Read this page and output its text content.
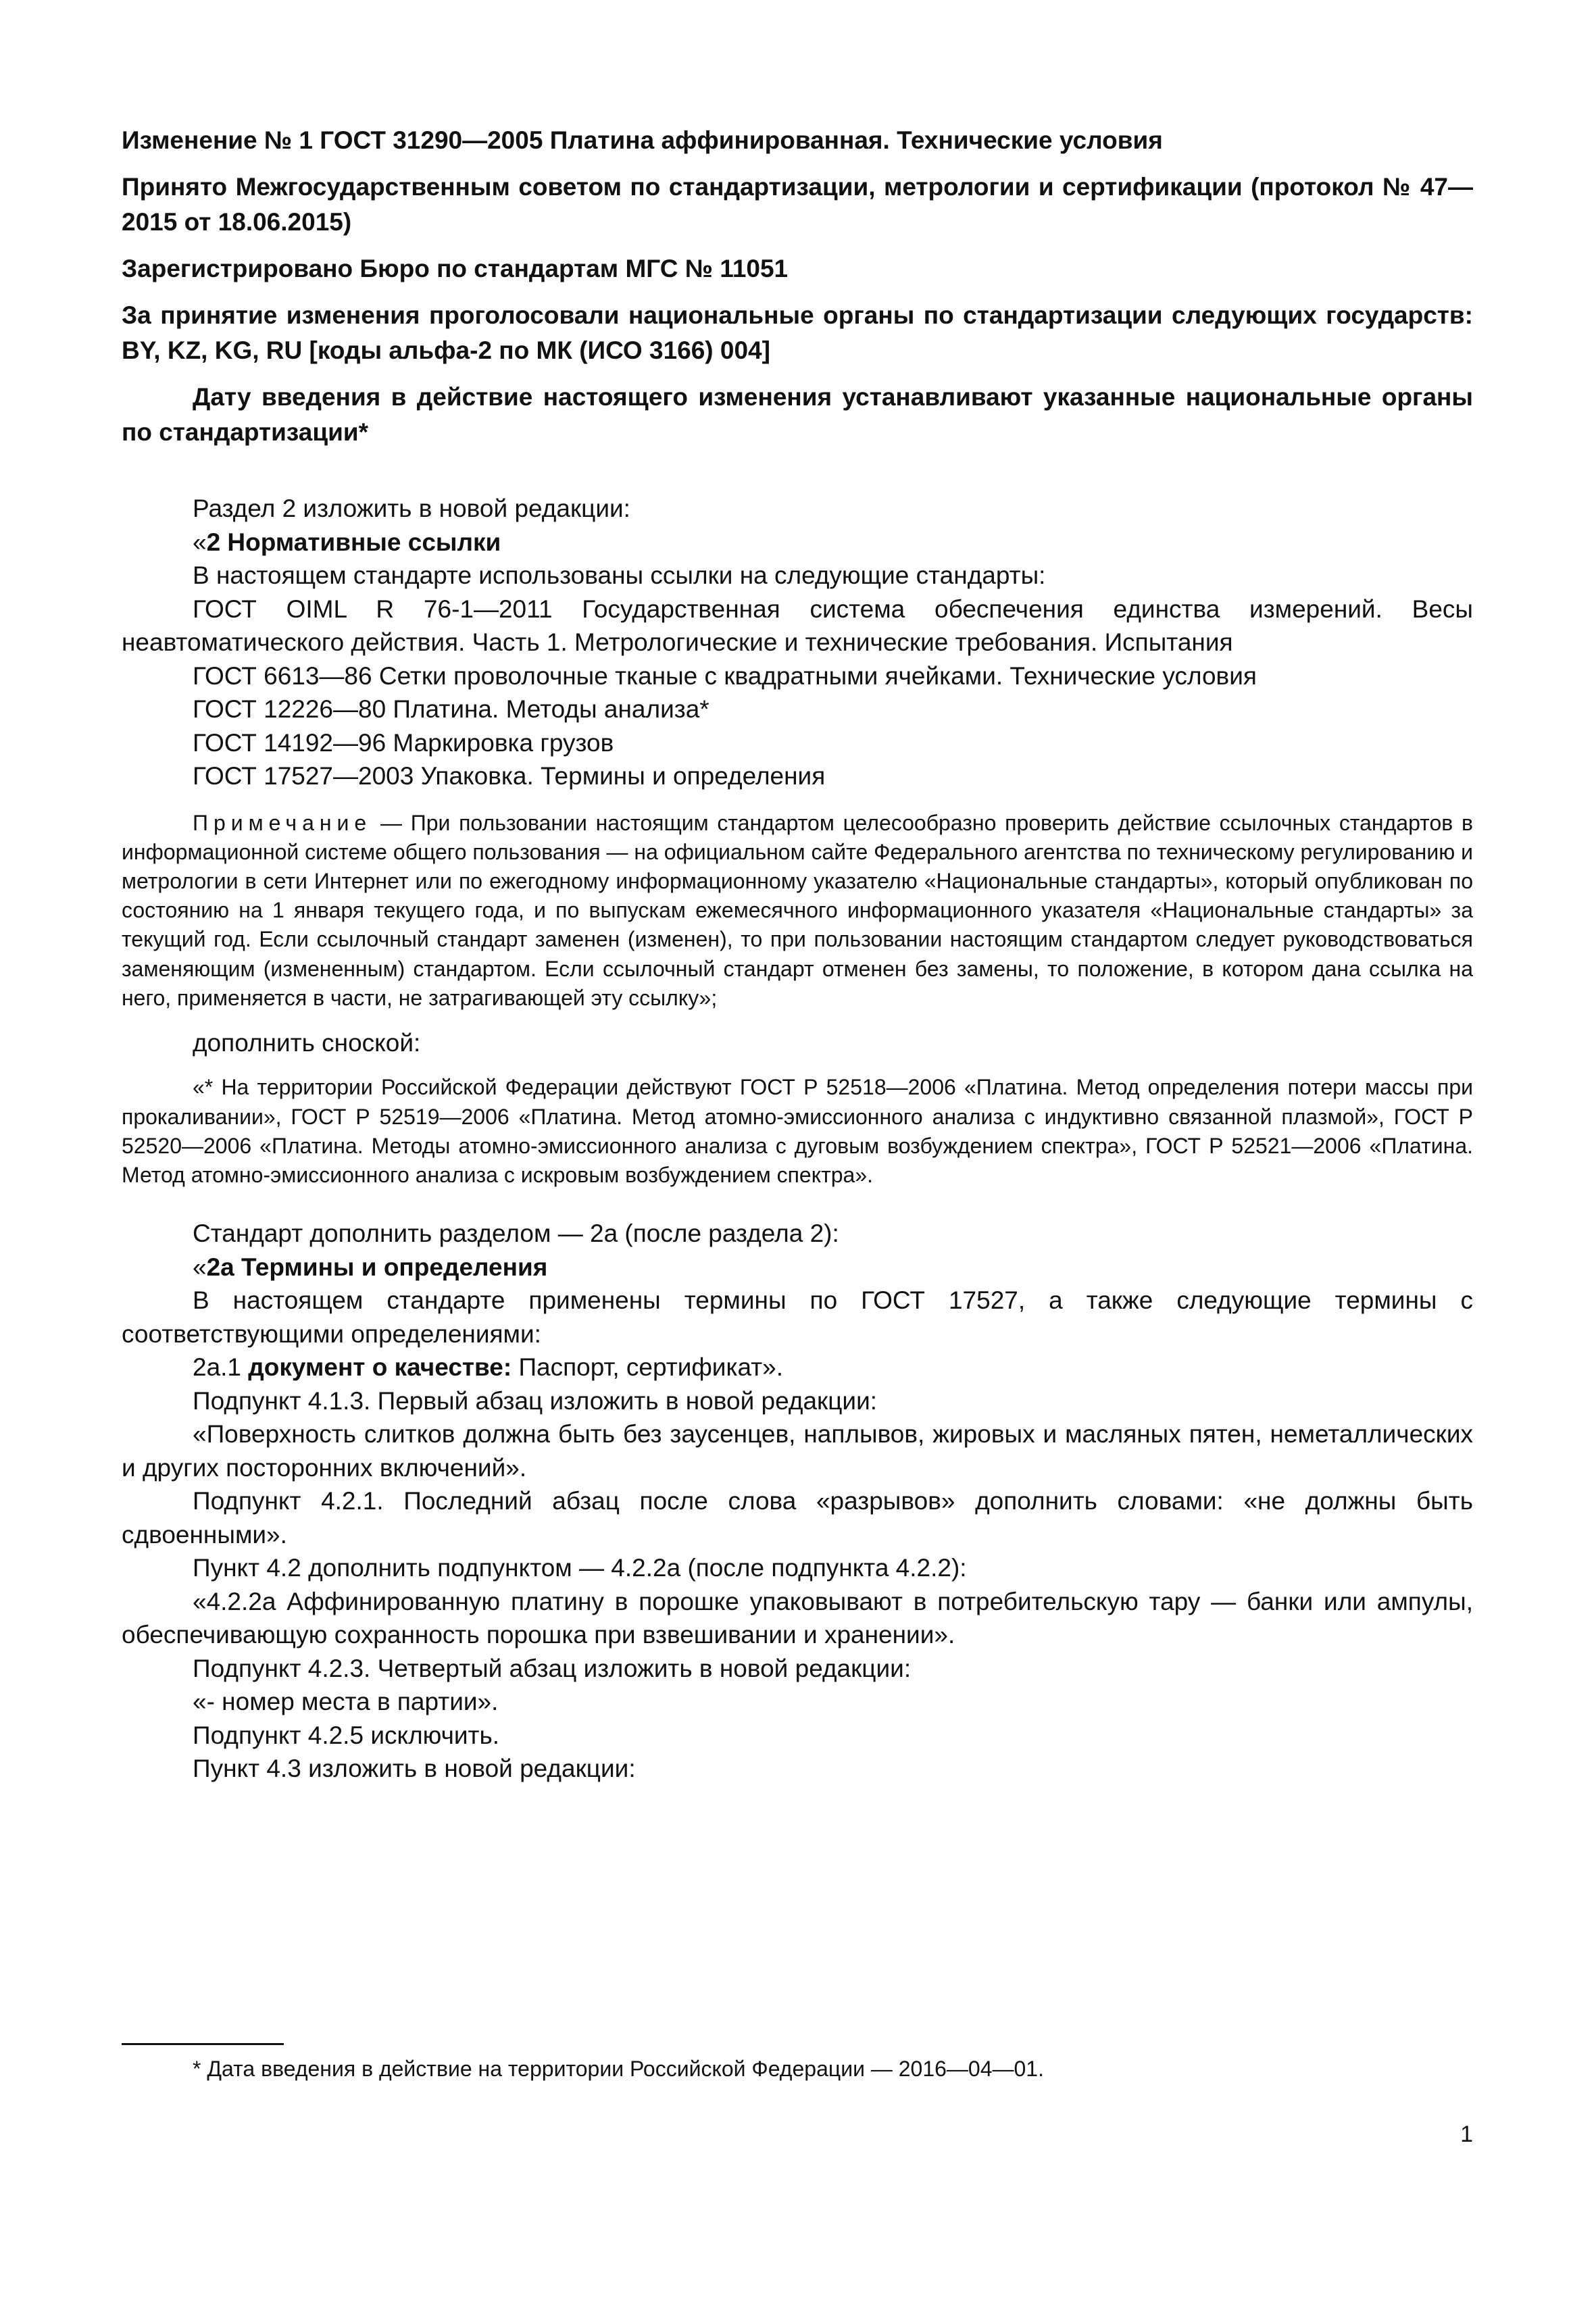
Изменение № 1 ГОСТ 31290—2005 Платина аффинированная. Технические условия

Принято Межгосударственным советом по стандартизации, метрологии и сертификации (протокол № 47—2015 от 18.06.2015)

Зарегистрировано Бюро по стандартам МГС № 11051

За принятие изменения проголосовали национальные органы по стандартизации следующих государств: BY, KZ, KG, RU [коды альфа-2 по МК (ИСО 3166) 004]

Дату введения в действие настоящего изменения устанавливают указанные национальные органы по стандартизации*

Раздел 2 изложить в новой редакции:

«2 Нормативные ссылки

В настоящем стандарте использованы ссылки на следующие стандарты:

ГОСТ OIML R 76-1—2011 Государственная система обеспечения единства измерений. Весы неавтоматического действия. Часть 1. Метрологические и технические требования. Испытания

ГОСТ 6613—86 Сетки проволочные тканые с квадратными ячейками. Технические условия

ГОСТ 12226—80 Платина. Методы анализа*

ГОСТ 14192—96 Маркировка грузов

ГОСТ 17527—2003 Упаковка. Термины и определения

Примечание — При пользовании настоящим стандартом целесообразно проверить действие ссылочных стандартов в информационной системе общего пользования — на официальном сайте Федерального агентства по техническому регулированию и метрологии в сети Интернет или по ежегодному информационному указателю «Национальные стандарты», который опубликован по состоянию на 1 января текущего года, и по выпускам ежемесячного информационного указателя «Национальные стандарты» за текущий год. Если ссылочный стандарт заменен (изменен), то при пользовании настоящим стандартом следует руководствоваться заменяющим (измененным) стандартом. Если ссылочный стандарт отменен без замены, то положение, в котором дана ссылка на него, применяется в части, не затрагивающей эту ссылку»;

дополнить сноской:

«* На территории Российской Федерации действуют ГОСТ Р 52518—2006 «Платина. Метод определения потери массы при прокаливании», ГОСТ Р 52519—2006 «Платина. Метод атомно-эмиссионного анализа с индуктивно связанной плазмой», ГОСТ Р 52520—2006 «Платина. Методы атомно-эмиссионного анализа с дуговым возбуждением спектра», ГОСТ Р 52521—2006 «Платина. Метод атомно-эмиссионного анализа с искровым возбуждением спектра».

Стандарт дополнить разделом — 2а (после раздела 2):

«2а Термины и определения

В настоящем стандарте применены термины по ГОСТ 17527, а также следующие термины с соответствующими определениями:

2а.1 документ о качестве: Паспорт, сертификат».

Подпункт 4.1.3. Первый абзац изложить в новой редакции:

«Поверхность слитков должна быть без заусенцев, наплывов, жировых и масляных пятен, неметаллических и других посторонних включений».

Подпункт 4.2.1. Последний абзац после слова «разрывов» дополнить словами: «не должны быть сдвоенными».

Пункт 4.2 дополнить подпунктом — 4.2.2а (после подпункта 4.2.2):

«4.2.2а Аффинированную платину в порошке упаковывают в потребительскую тару — банки или ампулы, обеспечивающую сохранность порошка при взвешивании и хранении».

Подпункт 4.2.3. Четвертый абзац изложить в новой редакции:

«- номер места в партии».

Подпункт 4.2.5 исключить.

Пункт 4.3 изложить в новой редакции:

* Дата введения в действие на территории Российской Федерации — 2016—04—01.

1
